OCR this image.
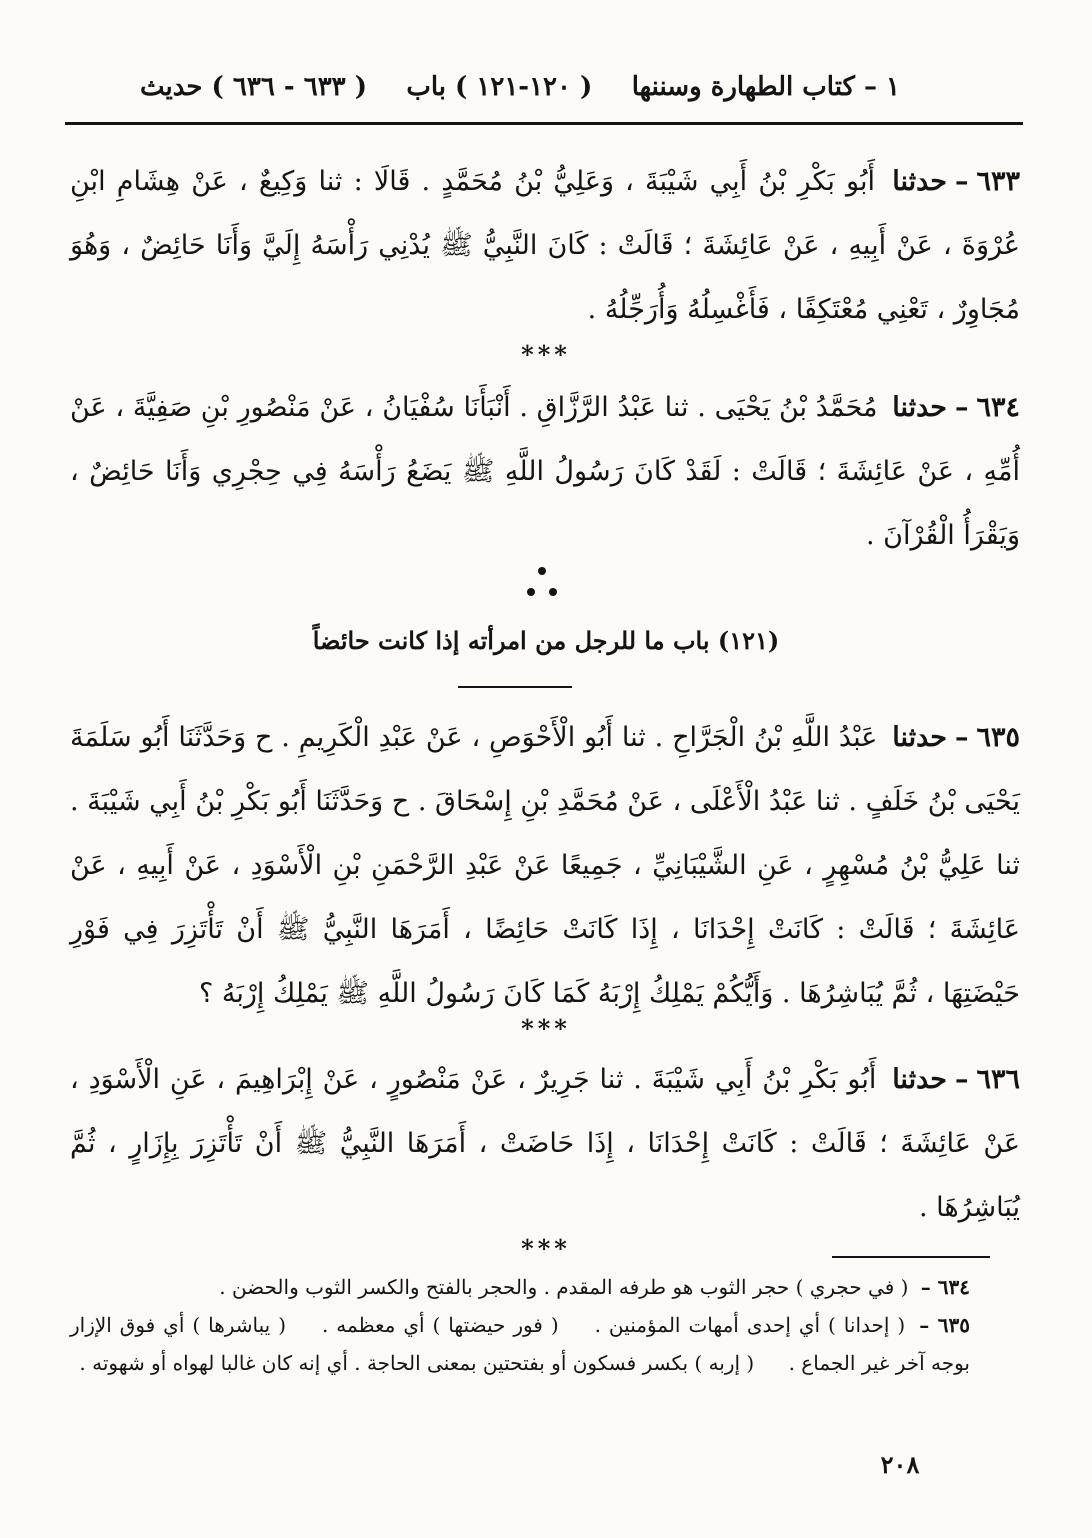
١ – كتاب الطهارة وسننها
( ١٢٠-١٢١ ) باب
( ٦٣٣ - ٦٣٦ ) حديث
٦٣٣–حدثنا أَبُو بَكْرِ بْنُ أَبِي شَيْبَةَ ، وَعَلِيُّ بْنُ مُحَمَّدٍ . قَالَا : ثنا وَكِيعٌ ، عَنْ هِشَامِ ابْنِ عُرْوَةَ ، عَنْ أَبِيهِ ، عَنْ عَائِشَةَ ؛ قَالَتْ : كَانَ النَّبِيُّ ﷺ يُدْنِي رَأْسَهُ إِلَيَّ وَأَنَا حَائِضٌ ، وَهُوَ مُجَاوِرٌ ، تَعْنِي مُعْتَكِفًا ، فَأَغْسِلُهُ وَأُرَجِّلُهُ .
***
٦٣٤–حدثنا مُحَمَّدُ بْنُ يَحْيَى . ثنا عَبْدُ الرَّزَّاقِ . أَنْبَأَنَا سُفْيَانُ ، عَنْ مَنْصُورِ بْنِ صَفِيَّةَ ، عَنْ أُمِّهِ ، عَنْ عَائِشَةَ ؛ قَالَتْ : لَقَدْ كَانَ رَسُولُ اللَّهِ ﷺ يَضَعُ رَأْسَهُ فِي حِجْرِي وَأَنَا حَائِضٌ ، وَيَقْرَأُ الْقُرْآنَ .
(١٢١) باب ما للرجل من امرأته إذا كانت حائضاً
٦٣٥–حدثنا عَبْدُ اللَّهِ بْنُ الْجَرَّاحِ . ثنا أَبُو الْأَحْوَصِ ، عَنْ عَبْدِ الْكَرِيمِ . ح وَحَدَّثَنَا أَبُو سَلَمَةَ يَحْيَى بْنُ خَلَفٍ . ثنا عَبْدُ الْأَعْلَى ، عَنْ مُحَمَّدِ بْنِ إِسْحَاقَ . ح وَحَدَّثَنَا أَبُو بَكْرِ بْنُ أَبِي شَيْبَةَ . ثنا عَلِيُّ بْنُ مُسْهِرٍ ، عَنِ الشَّيْبَانِيِّ ، جَمِيعًا عَنْ عَبْدِ الرَّحْمَنِ بْنِ الْأَسْوَدِ ، عَنْ أَبِيهِ ، عَنْ عَائِشَةَ ؛ قَالَتْ : كَانَتْ إِحْدَانَا ، إِذَا كَانَتْ حَائِضًا ، أَمَرَهَا النَّبِيُّ ﷺ أَنْ تَأْتَزِرَ فِي فَوْرِ حَيْضَتِهَا ، ثُمَّ يُبَاشِرُهَا . وَأَيُّكُمْ يَمْلِكُ إِرْبَهُ كَمَا كَانَ رَسُولُ اللَّهِ ﷺ يَمْلِكُ إِرْبَهُ ؟
***
٦٣٦–حدثنا أَبُو بَكْرِ بْنُ أَبِي شَيْبَةَ . ثنا جَرِيرٌ ، عَنْ مَنْصُورٍ ، عَنْ إِبْرَاهِيمَ ، عَنِ الْأَسْوَدِ ، عَنْ عَائِشَةَ ؛ قَالَتْ : كَانَتْ إِحْدَانَا ، إِذَا حَاضَتْ ، أَمَرَهَا النَّبِيُّ ﷺ أَنْ تَأْتَزِرَ بِإِزَارٍ ، ثُمَّ يُبَاشِرُهَا .
***
٦٣٤ – ( في حجري ) حجر الثوب هو طرفه المقدم . والحجر بالفتح والكسر الثوب والحضن .
٦٣٥ – ( إحدانا ) أي إحدى أمهات المؤمنين . ( فور حيضتها ) أي معظمه . ( يباشرها ) أي فوق الإزار بوجه آخر غير الجماع . ( إربه ) بكسر فسكون أو بفتحتين بمعنى الحاجة . أي إنه كان غالبا لهواه أو شهوته .
٢٠٨
